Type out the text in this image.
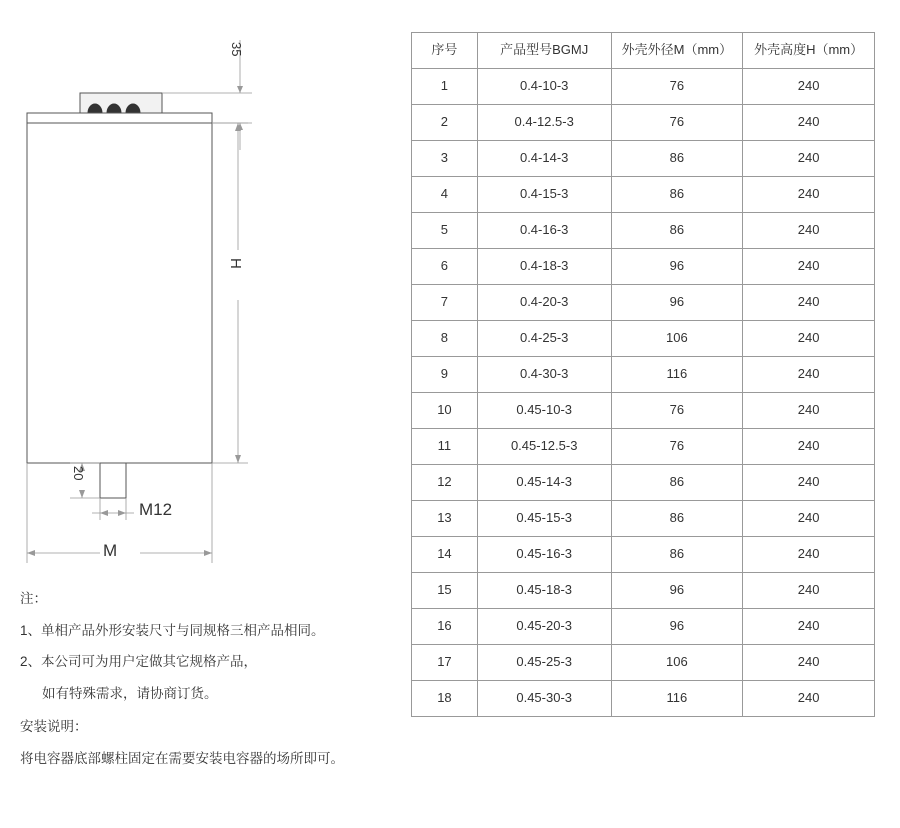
35
H
20
M12
M
注：
1、单相产品外形安装尺寸与同规格三相产品相同。
2、本公司可为用户定做其它规格产品，
如有特殊需求，请协商订货。
安装说明：
将电容器底部螺柱固定在需要安装电容器的场所即可。
序号	产品型号BGMJ	外壳外径M（mm）	外壳高度H（mm）
1	0.4-10-3	76	240
2	0.4-12.5-3	76	240
3	0.4-14-3	86	240
4	0.4-15-3	86	240
5	0.4-16-3	86	240
6	0.4-18-3	96	240
7	0.4-20-3	96	240
8	0.4-25-3	106	240
9	0.4-30-3	116	240
10	0.45-10-3	76	240
11	0.45-12.5-3	76	240
12	0.45-14-3	86	240
13	0.45-15-3	86	240
14	0.45-16-3	86	240
15	0.45-18-3	96	240
16	0.45-20-3	96	240
17	0.45-25-3	106	240
18	0.45-30-3	116	240
